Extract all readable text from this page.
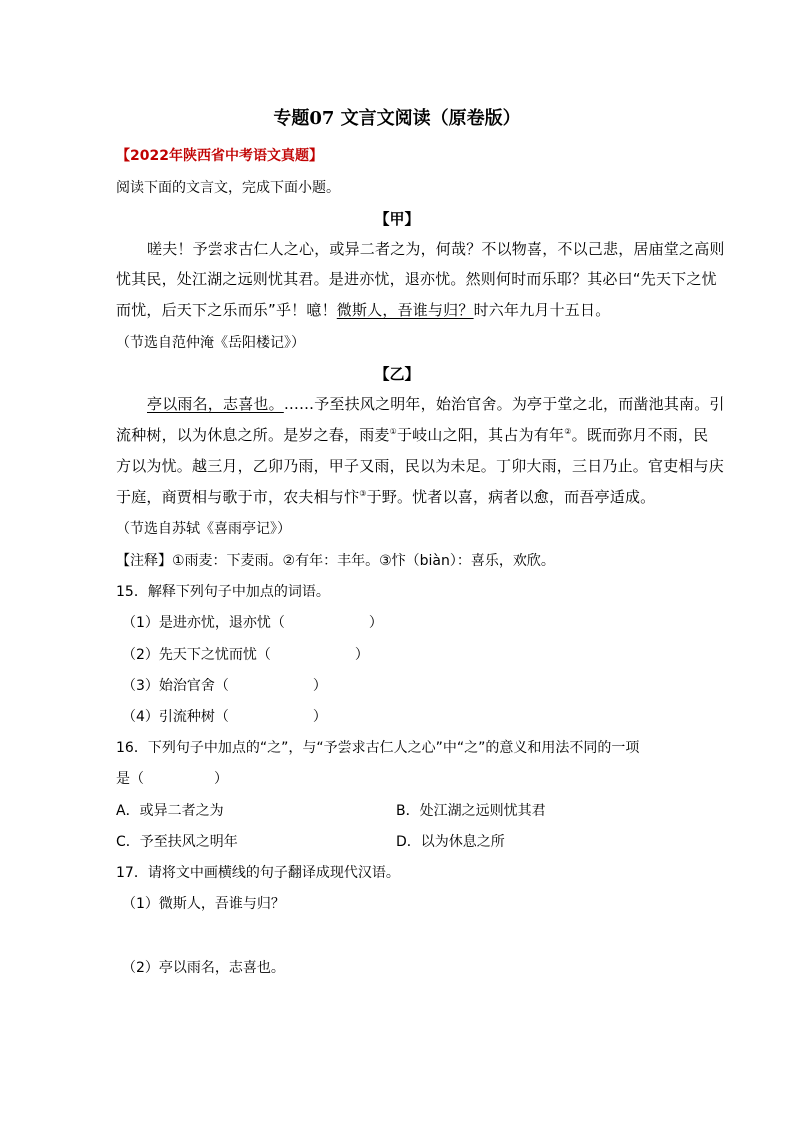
专题07 文言文阅读（原卷版）
【2022年陕西省中考语文真题】
阅读下面的文言文，完成下面小题。
【甲】
嗟夫！予尝求古仁人之心，或异二者之为，何哉？不以物喜，不以己悲，居庙堂之高则
忧其民，处江湖之远则忧其君。是进亦忧，退亦忧。然则何时而乐耶？其必曰“先天下之忧
而忧，后天下之乐而乐”乎！噫！微斯人，吾谁与归？时六年九月十五日。
（节选自范仲淹《岳阳楼记》）
【乙】
亭以雨名，志喜也。……予至扶风之明年，始治官舍。为亭于堂之北，而凿池其南。引
流种树，以为休息之所。是岁之春，雨麦①于岐山之阳，其占为有年②。既而弥月不雨，民
方以为忧。越三月，乙卯乃雨，甲子又雨，民以为未足。丁卯大雨，三日乃止。官吏相与庆
于庭，商贾相与歌于市，农夫相与忭③于野。忧者以喜，病者以愈，而吾亭适成。
（节选自苏轼《喜雨亭记》）
【注释】①雨麦：下麦雨。②有年：丰年。③忭（biàn）：喜乐，欢欣。
15．解释下列句子中加点的词语。
（1）是进亦忧，退亦忧（　　　　　　）
（2）先天下之忧而忧（　　　　　　）
（3）始治官舍（　　　　　　）
（4）引流种树（　　　　　　）
16．下列句子中加点的“之”，与“予尝求古仁人之心”中“之”的意义和用法不同的一项
是（　　　　　）
A．或异二者之为	B．处江湖之远则忧其君
C．予至扶风之明年	D．以为休息之所
17．请将文中画横线的句子翻译成现代汉语。
（1）微斯人，吾谁与归？
（2）亭以雨名，志喜也。
